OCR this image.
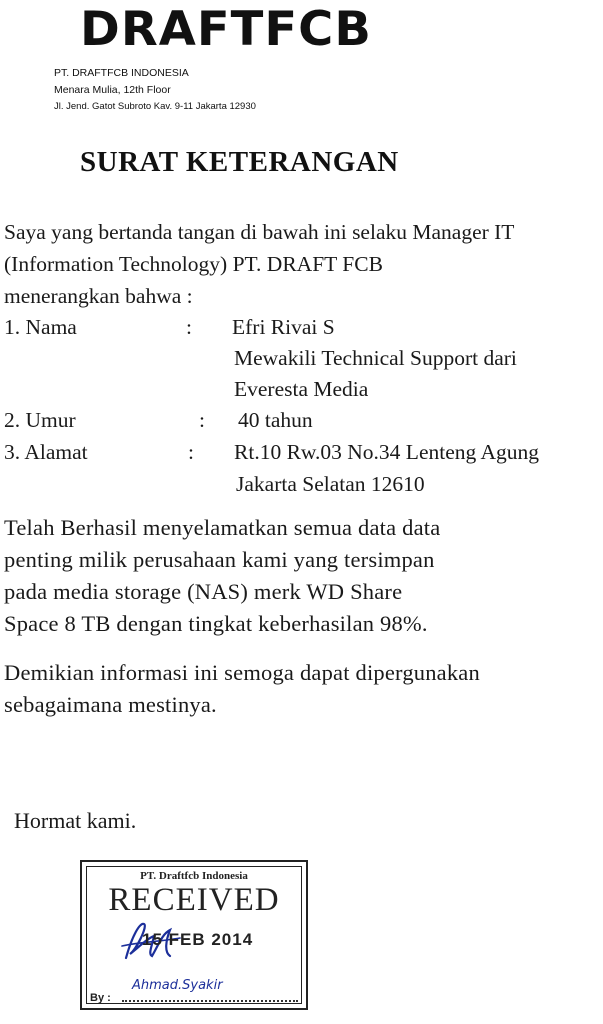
DRAFTFCB
PT. DRAFTFCB INDONESIA
Menara Mulia, 12th Floor
Jl. Jend. Gatot Subroto Kav. 9-11 Jakarta 12930
SURAT KETERANGAN
Saya yang bertanda tangan di bawah ini selaku Manager IT
(Information Technology) PT. DRAFT FCB
menerangkan bahwa :
1. Nama	: Efri Rivai S
Mewakili Technical Support dari
Everesta Media
2. Umur	: 40 tahun
3. Alamat	: Rt.10 Rw.03 No.34 Lenteng Agung
Jakarta Selatan 12610
Telah Berhasil menyelamatkan semua data data
penting milik perusahaan kami yang tersimpan
pada media storage (NAS) merk WD Share
Space 8 TB dengan tingkat keberhasilan 98%.
Demikian informasi ini semoga dapat dipergunakan
sebagaimana mestinya.
Hormat kami.
PT. Draftfcb Indonesia
RECEIVED
15 FEB 2014
Ahmad.Syakir
By :
